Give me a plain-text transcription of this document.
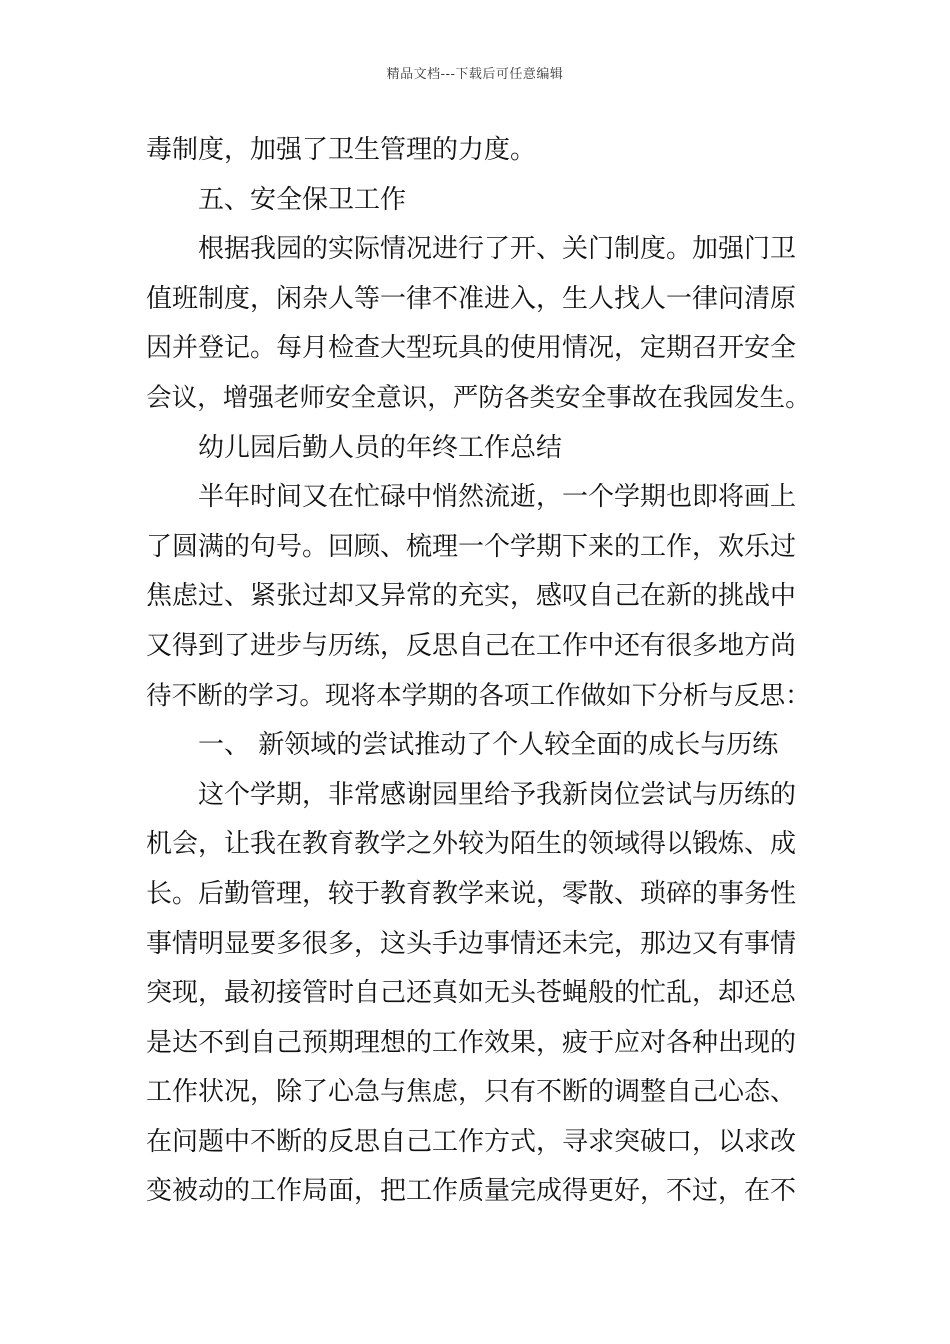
精品文档---下载后可任意编辑
毒制度，加强了卫生管理的力度。
五、安全保卫工作
根据我园的实际情况进行了开、关门制度。加强门卫
值班制度，闲杂人等一律不准进入，生人找人一律问清原
因并登记。每月检查大型玩具的使用情况，定期召开安全
会议，增强老师安全意识，严防各类安全事故在我园发生。
幼儿园后勤人员的年终工作总结
半年时间又在忙碌中悄然流逝，一个学期也即将画上
了圆满的句号。回顾、梳理一个学期下来的工作，欢乐过
焦虑过、紧张过却又异常的充实，感叹自己在新的挑战中
又得到了进步与历练，反思自己在工作中还有很多地方尚
待不断的学习。现将本学期的各项工作做如下分析与反思：
一、 新领域的尝试推动了个人较全面的成长与历练
这个学期，非常感谢园里给予我新岗位尝试与历练的
机会，让我在教育教学之外较为陌生的领域得以锻炼、成
长。后勤管理，较于教育教学来说，零散、琐碎的事务性
事情明显要多很多，这头手边事情还未完，那边又有事情
突现，最初接管时自己还真如无头苍蝇般的忙乱，却还总
是达不到自己预期理想的工作效果，疲于应对各种出现的
工作状况，除了心急与焦虑，只有不断的调整自己心态、
在问题中不断的反思自己工作方式，寻求突破口，以求改
变被动的工作局面，把工作质量完成得更好，不过，在不
